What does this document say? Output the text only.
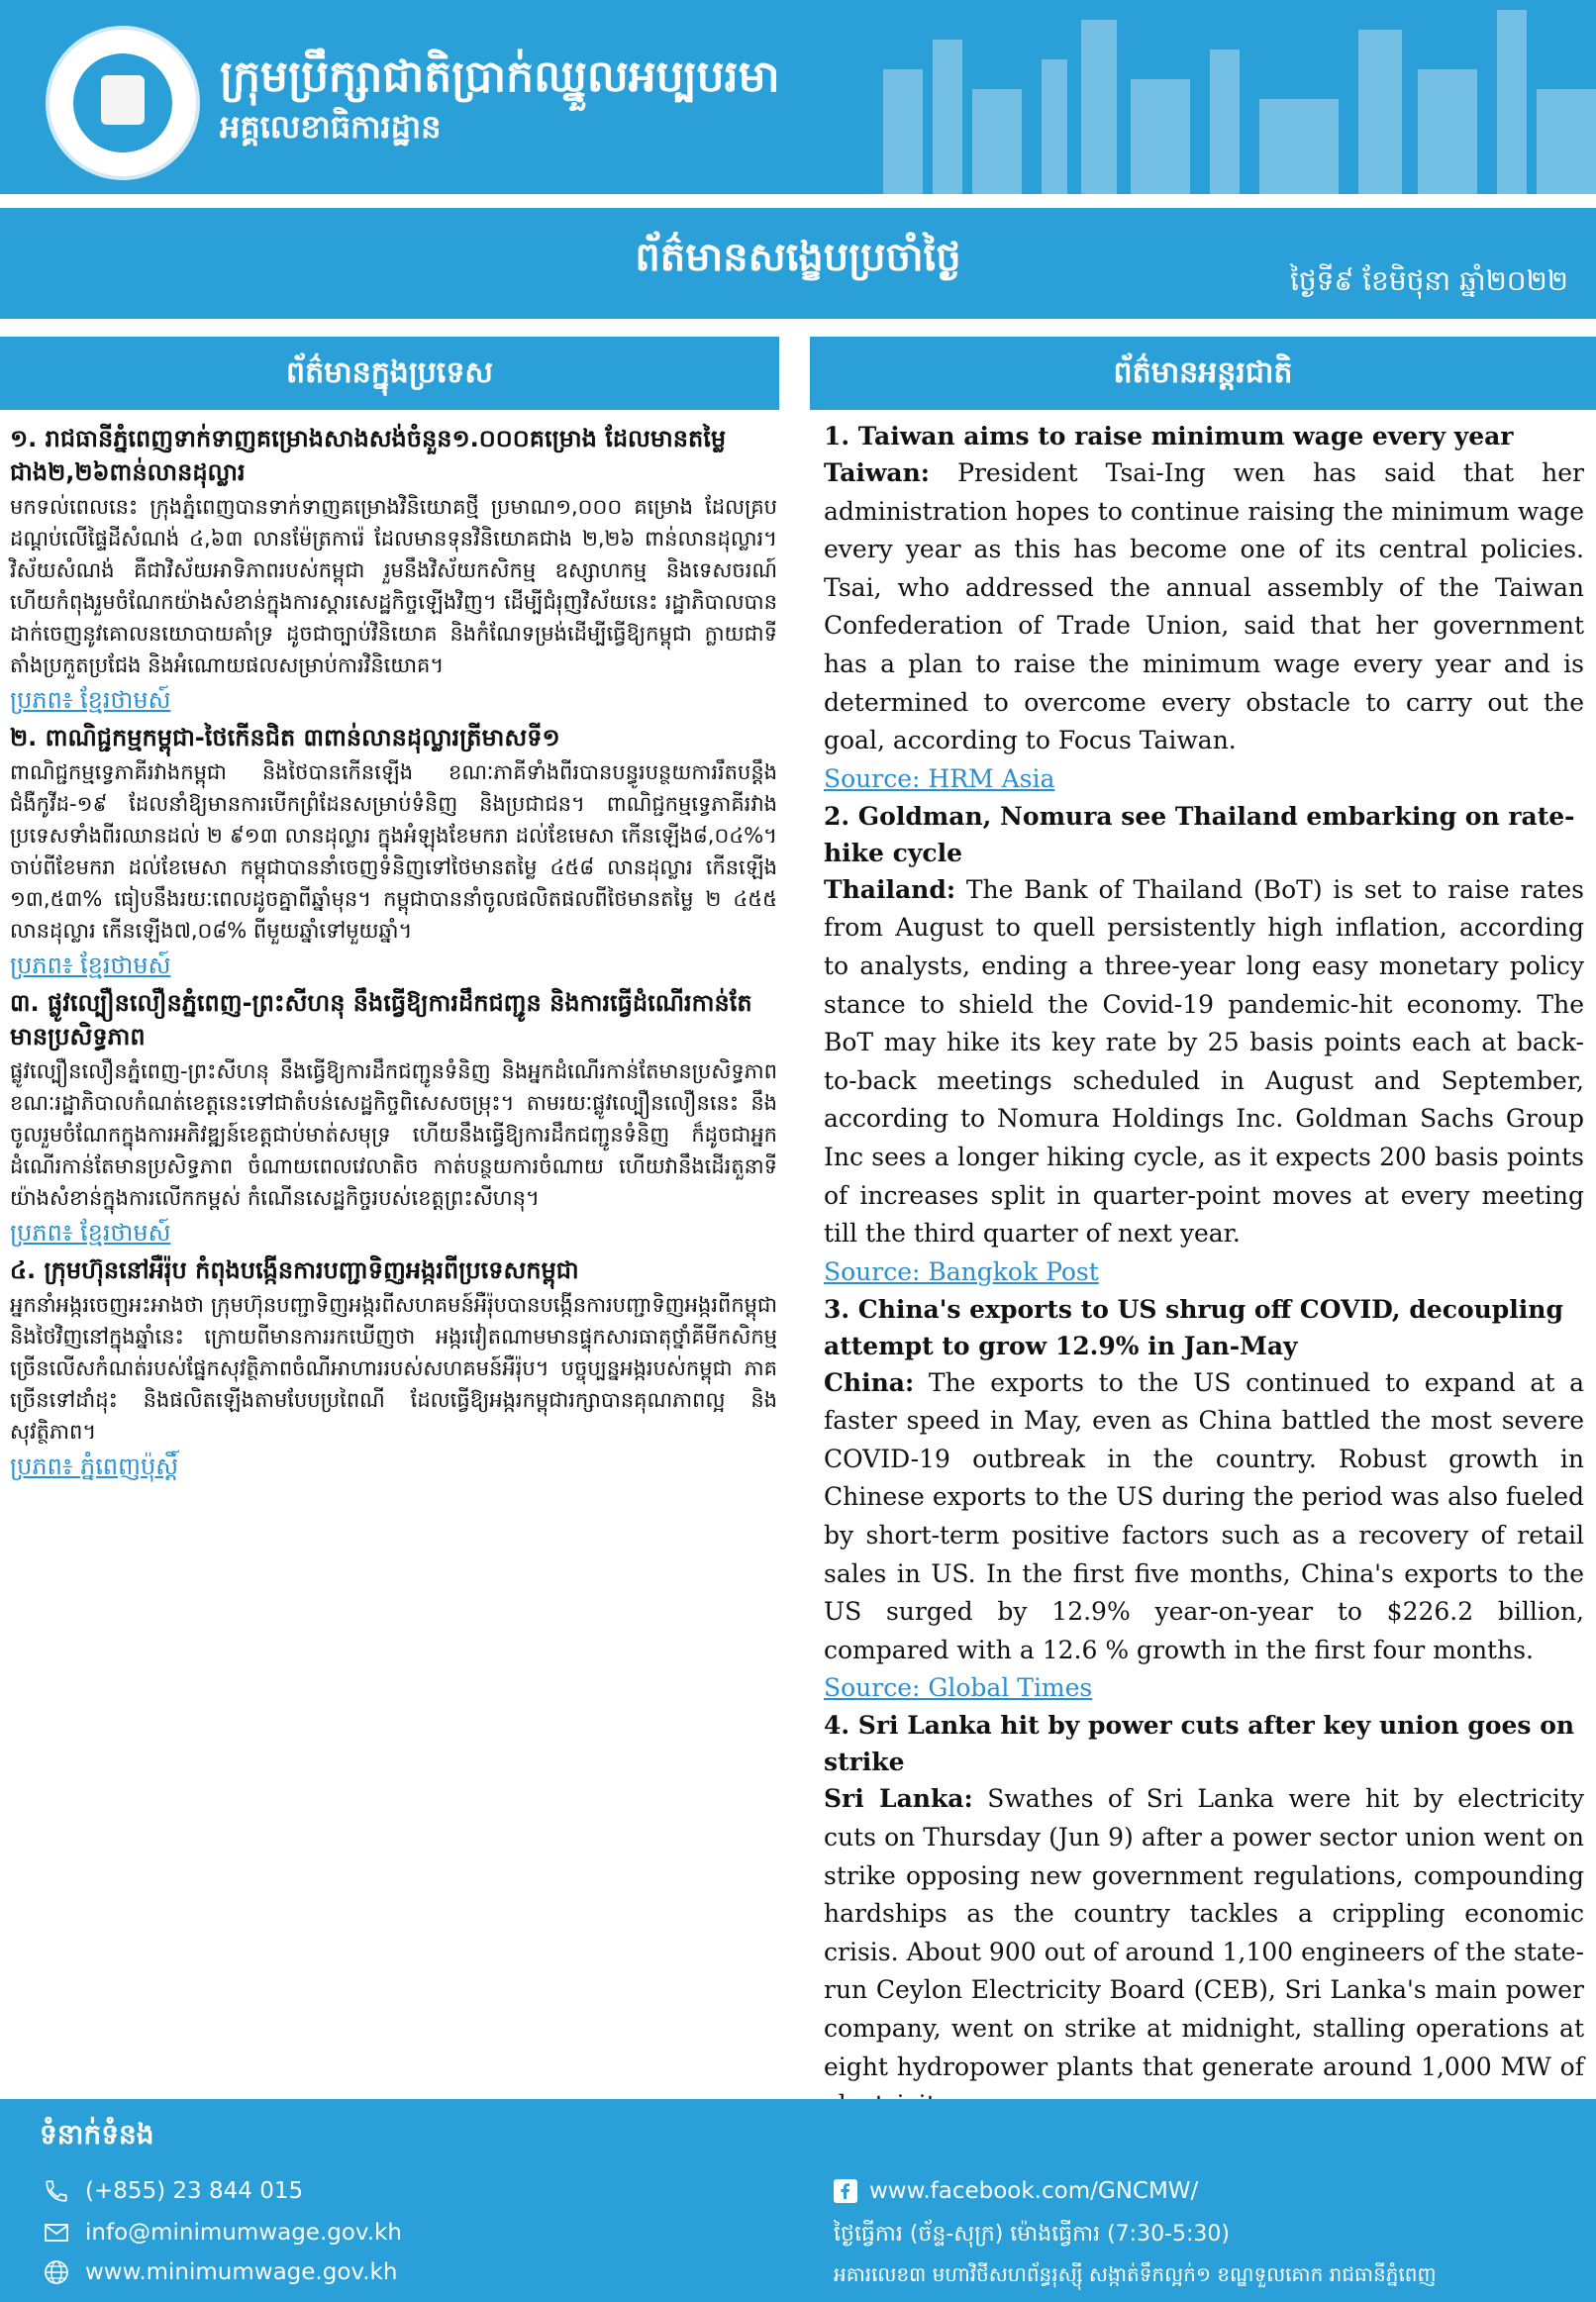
ក្រុមប្រឹក្សាជាតិប្រាក់ឈ្នួលអប្បបរមា
អគ្គលេខាធិការដ្ឋាន
ព័ត៌មានសង្ខេបប្រចាំថ្ងៃ
ថ្ងៃទី៩ ខែមិថុនា ឆ្នាំ២០២២
ព័ត៌មានក្នុងប្រទេស
១. រាជធានីភ្នំពេញទាក់ទាញគម្រោងសាងសង់ចំនួន១.០០០គម្រោង ដែលមានតម្លៃជាង២,២៦ពាន់លានដុល្លារ
មកទល់ពេលនេះ ក្រុងភ្នំពេញបានទាក់ទាញគម្រោងវិនិយោគថ្មី ប្រមាណ១,០០០ គម្រោង ដែលគ្របដណ្ដប់លើផ្ទៃដីសំណង់ ៤,៦៣ លានម៉ែត្រការ៉េ ដែលមានទុនវិនិយោគជាង ២,២៦ ពាន់លានដុល្លារ។ វិស័យសំណង់ គឺជាវិស័យអាទិភាពរបស់កម្ពុជា រួមនឹងវិស័យកសិកម្ម ឧស្សាហកម្ម និងទេសចរណ៍ ហើយកំពុងរួមចំណែកយ៉ាងសំខាន់ក្នុងការស្តារសេដ្ឋកិច្ចឡើងវិញ។ ដើម្បីជំរុញវិស័យនេះ រដ្ឋាភិបាលបានដាក់ចេញនូវគោលនយោបាយគាំទ្រ ដូចជាច្បាប់វិនិយោគ និងកំណែទម្រង់ដើម្បីធ្វើឱ្យកម្ពុជា ក្លាយជាទីតាំងប្រកួតប្រជែង និងអំណោយផលសម្រាប់ការវិនិយោគ។
ប្រភព៖ ខ្មែរថាមស៍
២. ពាណិជ្ជកម្មកម្ពុជា-ថៃកើនជិត ៣ពាន់លានដុល្លារត្រីមាសទី១
ពាណិជ្ជកម្មទ្វេភាគីរវាងកម្ពុជា និងថៃបានកើនឡើង ខណៈភាគីទាំងពីរបានបន្ធូរបន្ថយការរឹតបន្តឹងជំងឺកូវីដ-១៩ ដែលនាំឱ្យមានការបើកព្រំដែនសម្រាប់ទំនិញ និងប្រជាជន។ ពាណិជ្ជកម្មទ្វេភាគីរវាងប្រទេសទាំងពីរឈានដល់ ២ ៩១៣ លានដុល្លារ ក្នុងអំឡុងខែមករា ដល់ខែមេសា កើនឡើង៨,០៤%។ ចាប់ពីខែមករា ដល់ខែមេសា កម្ពុជាបាននាំចេញទំនិញទៅថៃមានតម្លៃ ៤៥៨ លានដុល្លារ កើនឡើង ១៣,៥៣% ធៀបនឹងរយៈពេលដូចគ្នាពីឆ្នាំមុន។ កម្ពុជាបាននាំចូលផលិតផលពីថៃមានតម្លៃ ២ ៤៥៥ លានដុល្លារ កើនឡើង៧,០៨% ពីមួយឆ្នាំទៅមួយឆ្នាំ។
ប្រភព៖ ខ្មែរថាមស៍
៣. ផ្លូវល្បឿនលឿនភ្នំពេញ-ព្រះសីហនុ នឹងធ្វើឱ្យការដឹកជញ្ជូន និងការធ្វើដំណើរកាន់តែមានប្រសិទ្ធភាព
ផ្លូវល្បឿនលឿនភ្នំពេញ-ព្រះសីហនុ នឹងធ្វើឱ្យការដឹកជញ្ជូនទំនិញ និងអ្នកដំណើរកាន់តែមានប្រសិទ្ធភាព ខណៈរដ្ឋាភិបាលកំណត់ខេត្តនេះទៅជាតំបន់សេដ្ឋកិច្ចពិសេសចម្រុះ។ តាមរយៈផ្លូវល្បឿនលឿននេះ នឹងចូលរួមចំណែកក្នុងការអភិវឌ្ឍន៍ខេត្តជាប់មាត់សមុទ្រ ហើយនឹងធ្វើឱ្យការដឹកជញ្ជូនទំនិញ ក៏ដូចជាអ្នកដំណើរកាន់តែមានប្រសិទ្ធភាព ចំណាយពេលវេលាតិច កាត់បន្ថយការចំណាយ ហើយវានឹងដើរតួនាទីយ៉ាងសំខាន់ក្នុងការលើកកម្ពស់ កំណើនសេដ្ឋកិច្ចរបស់ខេត្តព្រះសីហនុ។
ប្រភព៖ ខ្មែរថាមស៍
៤. ក្រុមហ៊ុននៅអឺរ៉ុប កំពុងបង្កើនការបញ្ជាទិញអង្ករពីប្រទេសកម្ពុជា
អ្នកនាំអង្ករចេញអះអាងថា ក្រុមហ៊ុនបញ្ជាទិញអង្ករពីសហគមន៍អឺរ៉ុបបានបង្កើនការបញ្ជាទិញអង្ករពីកម្ពុជា និងថៃវិញនៅក្នុងឆ្នាំនេះ ក្រោយពីមានការរកឃើញថា អង្ករវៀតណាមមានផ្ទុកសារធាតុថ្នាំគីមីកសិកម្ម ច្រើនលើសកំណត់របស់ផ្នែកសុវត្ថិភាពចំណីអាហាររបស់សហគមន៍អឺរ៉ុប។ បច្ចុប្បន្នអង្ករបស់កម្ពុជា ភាគច្រើនទៅដាំដុះ និងផលិតឡើងតាមបែបប្រពៃណី ដែលធ្វើឱ្យអង្ករកម្ពុជារក្សាបានគុណភាពល្អ និងសុវត្ថិភាព។
ប្រភព៖ ភ្នំពេញប៉ុស្តិ៍
ព័ត៌មានអន្តរជាតិ
1. Taiwan aims to raise minimum wage every year
Taiwan: President Tsai-Ing wen has said that her administration hopes to continue raising the minimum wage every year as this has become one of its central policies. Tsai, who addressed the annual assembly of the Taiwan Confederation of Trade Union, said that her government has a plan to raise the minimum wage every year and is determined to overcome every obstacle to carry out the goal, according to Focus Taiwan.
Source: HRM Asia
2. Goldman, Nomura see Thailand embarking on rate-hike cycle
Thailand: The Bank of Thailand (BoT) is set to raise rates from August to quell persistently high inflation, according to analysts, ending a three-year long easy monetary policy stance to shield the Covid-19 pandemic-hit economy. The BoT may hike its key rate by 25 basis points each at back-to-back meetings scheduled in August and September, according to Nomura Holdings Inc. Goldman Sachs Group Inc sees a longer hiking cycle, as it expects 200 basis points of increases split in quarter-point moves at every meeting till the third quarter of next year.
Source: Bangkok Post
3. China's exports to US shrug off COVID, decoupling attempt to grow 12.9% in Jan-May
China: The exports to the US continued to expand at a faster speed in May, even as China battled the most severe COVID-19 outbreak in the country. Robust growth in Chinese exports to the US during the period was also fueled by short-term positive factors such as a recovery of retail sales in US. In the first five months, China's exports to the US surged by 12.9% year-on-year to $226.2 billion, compared with a 12.6 % growth in the first four months.
Source: Global Times
4. Sri Lanka hit by power cuts after key union goes on strike
Sri Lanka: Swathes of Sri Lanka were hit by electricity cuts on Thursday (Jun 9) after a power sector union went on strike opposing new government regulations, compounding hardships as the country tackles a crippling economic crisis. About 900 out of around 1,100 engineers of the state- run Ceylon Electricity Board (CEB), Sri Lanka's main power company, went on strike at midnight, stalling operations at eight hydropower plants that generate around 1,000 MW of
ទំនាក់ទំនង
(+855) 23 844 015
info@minimumwage.gov.kh
www.minimumwage.gov.kh
www.facebook.com/GNCMW/
ថ្ងៃធ្វើការ (ច័ន្ទ-សុក្រ) ម៉ោងធ្វើការ (7:30-5:30)
អគារលេខ៣ មហាវិថីសហព័ន្ធរុស្ស៊ី សង្កាត់ទឹកល្អក់១ ខណ្ឌទួលគោក រាជធានីភ្នំពេញ
